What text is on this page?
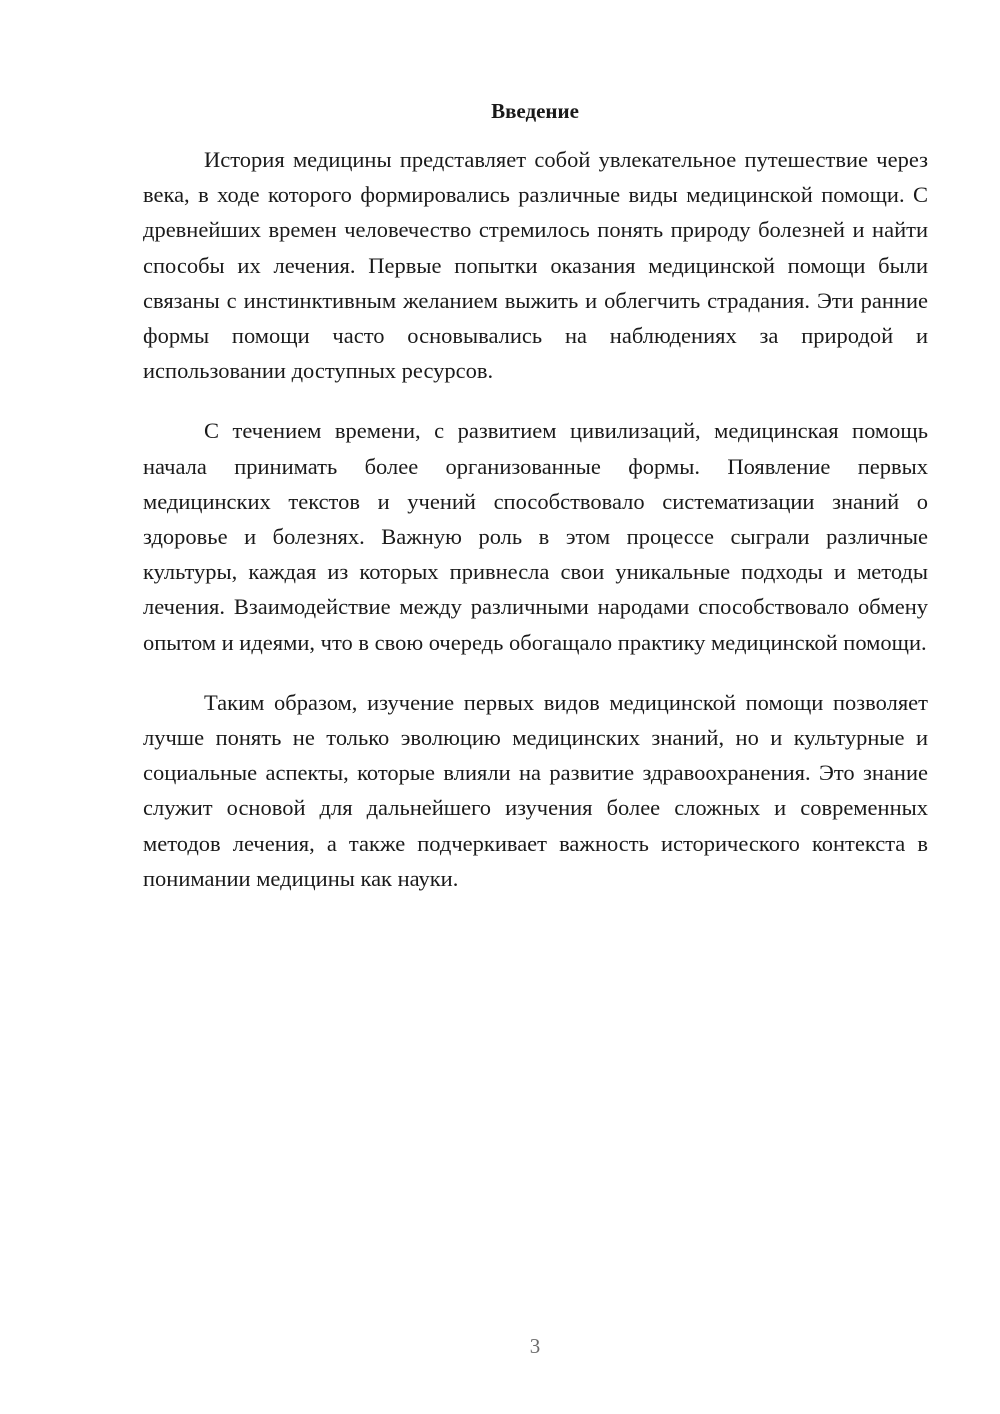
Введение

История медицины представляет собой увлекательное путешествие через века, в ходе которого формировались различные виды медицинской помощи. С древнейших времен человечество стремилось понять природу болезней и найти способы их лечения. Первые попытки оказания медицинской помощи были связаны с инстинктивным желанием выжить и облегчить страдания. Эти ранние формы помощи часто основывались на наблюдениях за природой и использовании доступных ресурсов.

С течением времени, с развитием цивилизаций, медицинская помощь начала принимать более организованные формы. Появление первых медицинских текстов и учений способствовало систематизации знаний о здоровье и болезнях. Важную роль в этом процессе сыграли различные культуры, каждая из которых привнесла свои уникальные подходы и методы лечения. Взаимодействие между различными народами способствовало обмену опытом и идеями, что в свою очередь обогащало практику медицинской помощи.

Таким образом, изучение первых видов медицинской помощи позволяет лучше понять не только эволюцию медицинских знаний, но и культурные и социальные аспекты, которые влияли на развитие здравоохранения. Это знание служит основой для дальнейшего изучения более сложных и современных методов лечения, а также подчеркивает важность исторического контекста в понимании медицины как науки.

3
